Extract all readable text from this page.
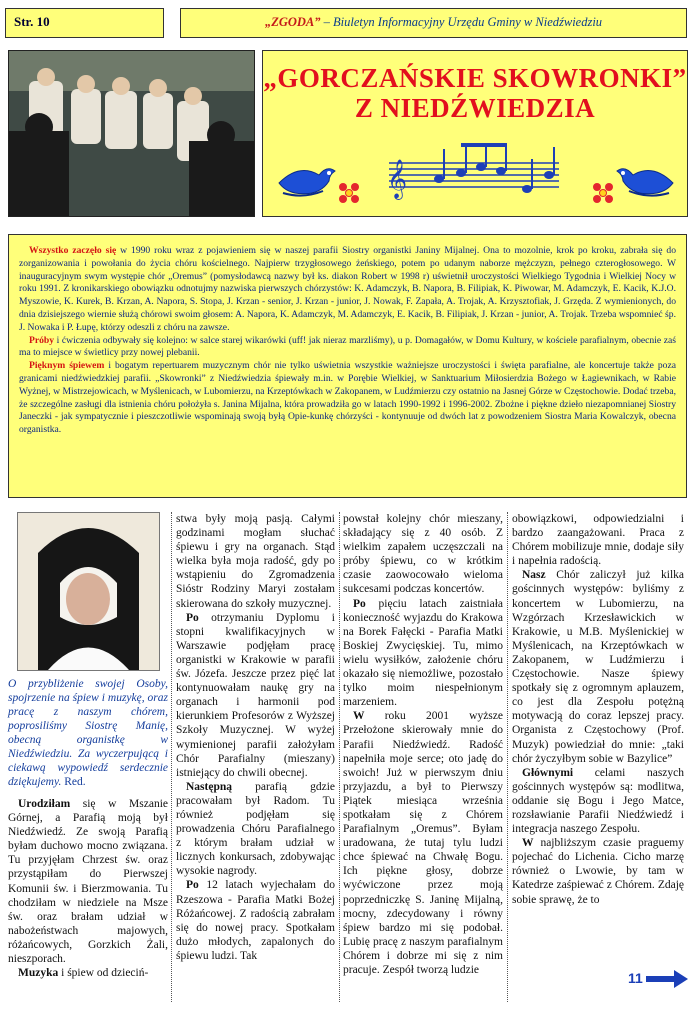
Str. 10	„ZGODA” – Biuletyn Informacyjny Urzędu Gminy w Niedźwiedziu
„GORCZAŃSKIE SKOWRONKI”
Z NIEDŹWIEDZIA
𝄞

Wszystko zaczęło się w 1990 roku wraz z pojawieniem się w naszej parafii Siostry organistki Janiny Mijalnej. Ona to mozolnie, krok po kroku, zabrała się do zorganizowania i powołania do życia chóru kościelnego. Najpierw trzygłosowego żeńskiego, potem po udanym naborze mężczyzn, pełnego czterogłosowego. W inauguracyjnym swym występie chór „Oremus” (pomysłodawcą nazwy był ks. diakon Robert w 1998 r) uświetnił uroczystości Wielkiego Tygodnia i Wielkiej Nocy w roku 1991. Z kronikarskiego obowiązku odnotujmy nazwiska pierwszych chórzystów: K. Adamczyk, B. Napora, B. Filipiak, K. Piwowar, M. Adamczyk, E. Kacik, K.J.O. Myszowie, K. Kurek, B. Krzan, A. Napora, S. Stopa, J. Krzan - senior, J. Krzan - junior, J. Nowak, F. Zapała, A. Trojak, A. Krzysztofiak, J. Grzęda. Z wymienionych, do dnia dzisiejszego wiernie służą chórowi swoim głosem: A. Napora, K. Adamczyk, M. Adamczyk, E. Kacik, B. Filipiak, J. Krzan - junior, A. Trojak. Trzeba wspomnieć śp. J. Nowaka i P. Łupę, którzy odeszli z chóru na zawsze.

Próby i ćwiczenia odbywały się kolejno: w salce starej wikarówki (uff! jak nieraz marzliśmy), u p. Domagałów, w Domu Kultury, w kościele parafialnym, obecnie zaś ma to miejsce w świetlicy przy nowej plebanii.

Pięknym śpiewem i bogatym repertuarem muzycznym chór nie tylko uświetnia wszystkie ważniejsze uroczystości i święta parafialne, ale koncertuje także poza granicami niedźwiedzkiej parafii. „Skowronki” z Niedźwiedzia śpiewały m.in. w Porębie Wielkiej, w Sanktuarium Miłosierdzia Bożego w Łagiewnikach, w Rabie Wyżnej, w Mistrzejowicach, w Myślenicach, w Lubomierzu, na Krzeptówkach w Zakopanem, w Ludźmierzu czy ostatnio na Jasnej Górze w Częstochowie. Dodać trzeba, że szczególne zasługi dla istnienia chóru położyła s. Janina Mijalna, która prowadziła go w latach 1990-1992 i 1996-2002. Zbożne i piękne dzieło niezapomnianej Siostry Janeczki - jak sympatycznie i pieszczotliwie wspominają swoją byłą Opie-kunkę chórzyści - kontynuuje od dwóch lat z powodzeniem Siostra Maria Kowalczyk, obecna organistka.

O przybliżenie swojej Osoby, spojrzenie na śpiew i muzykę, oraz pracę z naszym chórem, poprosiliśmy Siostrę Manię, obecną organistkę w Niedźwiedziu. Za wyczerpującą i ciekawą wypowiedź serdecznie dziękujemy. Red.

Urodziłam się w Mszanie Górnej, a Parafią moją był Niedźwiedź. Ze swoją Parafią byłam duchowo mocno związana. Tu przyjęłam Chrzest św. oraz przystąpiłam do Pierwszej Komunii św. i Bierzmowania. Tu chodziłam w niedziele na Msze św. oraz brałam udział w nabożeństwach majowych, różańcowych, Gorzkich Żali, nieszporach.

Muzyka i śpiew od dzieciń-

stwa były moją pasją. Całymi godzinami mogłam słuchać śpiewu i gry na organach. Stąd wielka była moja radość, gdy po wstąpieniu do Zgromadzenia Sióstr Rodziny Maryi zostałam skierowana do szkoły muzycznej.

Po otrzymaniu Dyplomu i stopni kwalifikacyjnych w Warszawie podjęłam pracę organistki w Krakowie w parafii św. Józefa. Jeszcze przez pięć lat kontynuowałam naukę gry na organach i harmonii pod kierunkiem Profesorów z Wyższej Szkoły Muzycznej. W wyżej wymienionej parafii założyłam Chór Parafialny (mieszany) istniejący do chwili obecnej.

Następną parafią gdzie pracowałam był Radom. Tu również podjęłam się prowadzenia Chóru Parafialnego z którym brałam udział w licznych konkursach, zdobywając wysokie nagrody.

Po 12 latach wyjechałam do Rzeszowa - Parafia Matki Bożej Różańcowej. Z radością zabrałam się do nowej pracy. Spotkałam dużo młodych, zapalonych do śpiewu ludzi. Tak

powstał kolejny chór mieszany, składający się z 40 osób. Z wielkim zapałem uczęszczali na próby śpiewu, co w krótkim czasie zaowocowało wieloma sukcesami podczas koncertów.

Po pięciu latach zaistniała konieczność wyjazdu do Krakowa na Borek Fałęcki - Parafia Matki Boskiej Zwycięskiej. Tu, mimo wielu wysiłków, założenie chóru okazało się niemożliwe, pozostało tylko moim niespełnionym marzeniem.

W roku 2001 wyższe Przełożone skierowały mnie do Parafii Niedźwiedź. Radość napełniła moje serce; oto jadę do swoich! Już w pierwszym dniu przyjazdu, a był to Pierwszy Piątek miesiąca września spotkałam się z Chórem Parafialnym „Oremus”. Byłam uradowana, że tutaj tylu ludzi chce śpiewać na Chwałę Bogu. Ich piękne głosy, dobrze wyćwiczone przez moją poprzedniczkę S. Janinę Mijalną, mocny, zdecydowany i równy śpiew bardzo mi się podobał. Lubię pracę z naszym parafialnym Chórem i dobrze mi się z nim pracuje. Zespół tworzą ludzie

obowiązkowi, odpowiedzialni i bardzo zaangażowani. Praca z Chórem mobilizuje mnie, dodaje siły i napełnia radością.

Nasz Chór zaliczył już kilka gościnnych występów: byliśmy z koncertem w Lubomierzu, na Wzgórzach Krzesławickich w Krakowie, u M.B. Myślenickiej w Myślenicach, na Krzeptówkach w Zakopanem, w Ludźmierzu i Częstochowie. Nasze śpiewy spotkały się z ogromnym aplauzem, co jest dla Zespołu potężną motywacją do coraz lepszej pracy. Organista z Częstochowy (Prof. Muzyk) powiedział do mnie: „taki chór życzyłbym sobie w Bazylice”

Głównymi celami naszych gościnnych występów są: modlitwa, oddanie się Bogu i Jego Matce, rozsławianie Parafii Niedźwiedź i integracja naszego Zespołu.

W najbliższym czasie praguemy pojechać do Lichenia. Cicho marzę również o Lwowie, by tam w Katedrze zaśpiewać z Chórem. Zdaję sobie sprawę, że to

11
